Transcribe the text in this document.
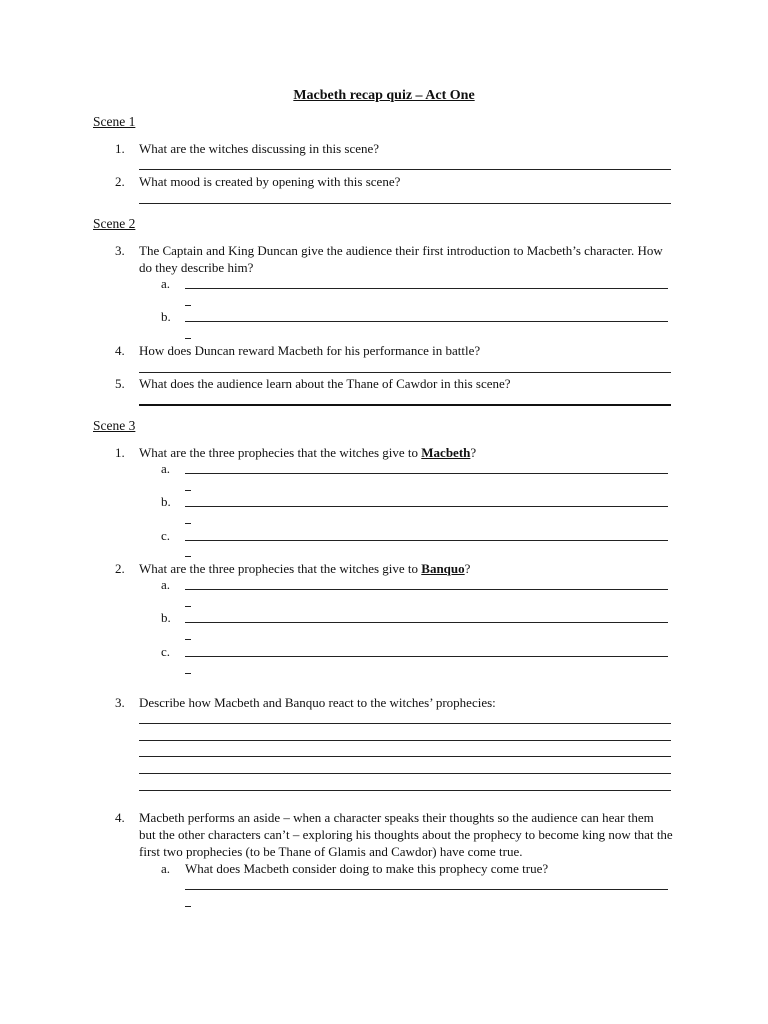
Macbeth recap quiz – Act One
Scene 1
1.	What are the witches discussing in this scene?
2.	What mood is created by opening with this scene?
Scene 2
3.	The Captain and King Duncan give the audience their first introduction to Macbeth’s character. How do they describe him?
a.
b.
4.	How does Duncan reward Macbeth for his performance in battle?
5.	What does the audience learn about the Thane of Cawdor in this scene?
Scene 3
1.	What are the three prophecies that the witches give to Macbeth?
a.
b.
c.
2.	What are the three prophecies that the witches give to Banquo?
a.
b.
c.
3.	Describe how Macbeth and Banquo react to the witches’ prophecies:
4.	Macbeth performs an aside – when a character speaks their thoughts so the audience can hear them but the other characters can’t – exploring his thoughts about the prophecy to become king now that the first two prophecies (to be Thane of Glamis and Cawdor) have come true.
a. What does Macbeth consider doing to make this prophecy come true?
